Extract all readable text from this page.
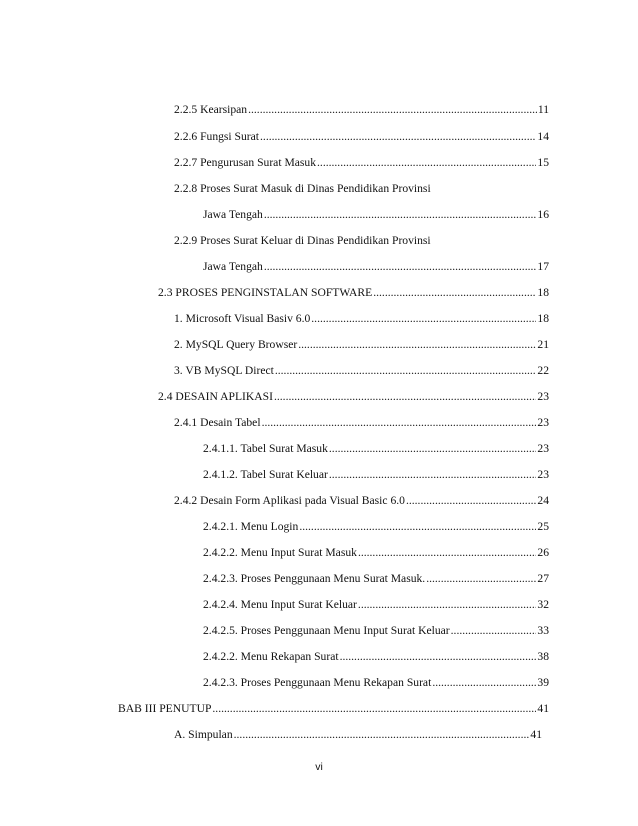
2.2.5 Kearsipan .....	11
2.2.6 Fungsi Surat .....	14
2.2.7 Pengurusan Surat Masuk .....	15
2.2.8 Proses Surat Masuk di Dinas Pendidikan Provinsi
Jawa Tengah .....	16
2.2.9 Proses Surat Keluar di Dinas Pendidikan Provinsi
Jawa Tengah .....	17
2.3 PROSES PENGINSTALAN SOFTWARE .....	18
1. Microsoft Visual Basiv 6.0 .....	18
2. MySQL Query Browser .....	21
3. VB MySQL Direct .....	22
2.4 DESAIN APLIKASI .....	23
2.4.1 Desain Tabel .....	23
2.4.1.1. Tabel Surat Masuk .....	23
2.4.1.2. Tabel Surat Keluar .....	23
2.4.2 Desain Form Aplikasi pada Visual Basic 6.0 .....	24
2.4.2.1. Menu Login .....	25
2.4.2.2. Menu Input Surat Masuk .....	26
2.4.2.3. Proses Penggunaan Menu Surat Masuk. .....	27
2.4.2.4. Menu Input Surat Keluar .....	32
2.4.2.5. Proses Penggunaan Menu Input Surat Keluar .....	33
2.4.2.2. Menu Rekapan Surat .....	38
2.4.2.3. Proses Penggunaan Menu Rekapan Surat .....	39
BAB III PENUTUP .....	41
A. Simpulan .....	41
vi
